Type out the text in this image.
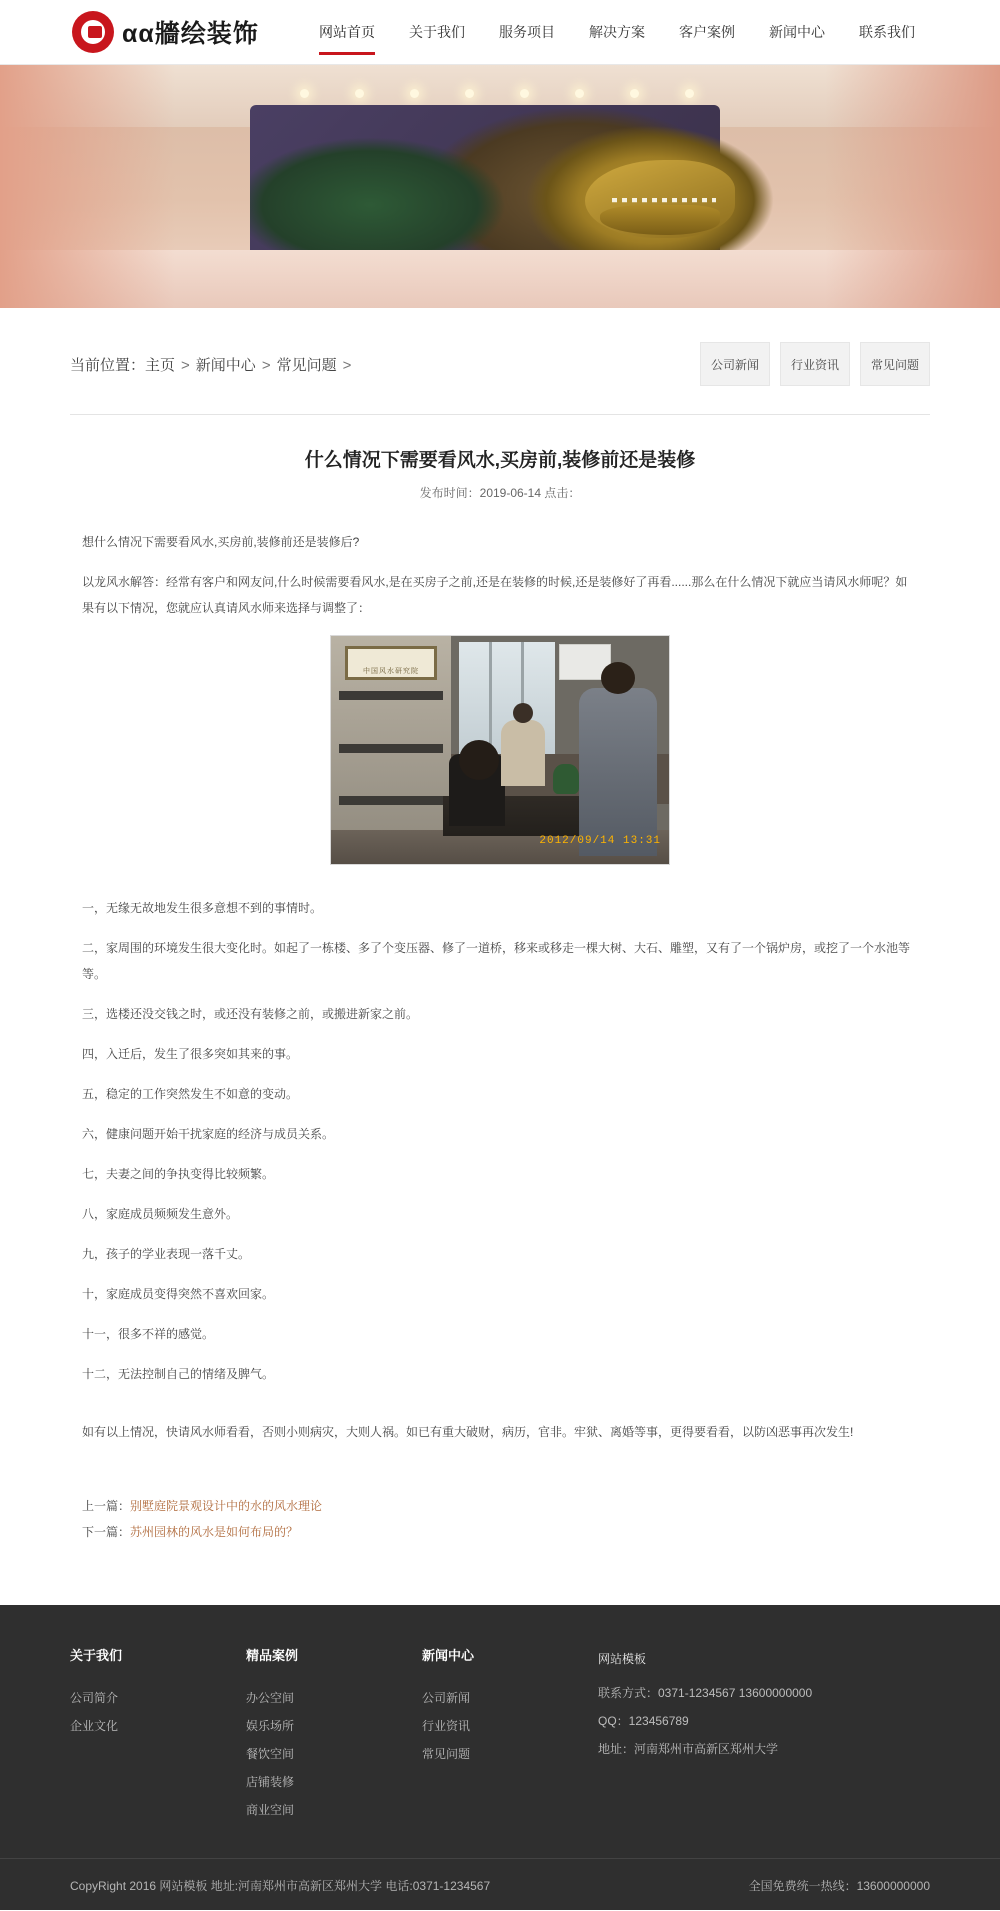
αα牆绘装饰	网站首页	关于我们	服务项目	解决方案	客户案例	新闻中心	联系我们
当前位置：主页 > 新闻中心 > 常见问题 >	公司新闻	行业资讯	常见问题
什么情况下需要看风水,买房前,装修前还是装修
发布时间：2019-06-14 点击：

想什么情况下需要看风水,买房前,装修前还是装修后?

以龙风水解答：经常有客户和网友问,什么时候需要看风水,是在买房子之前,还是在装修的时候,还是装修好了再看......那么在什么情况下就应当请风水师呢？如果有以下情况，您就应认真请风水师来选择与调整了：

中国风水研究院
2012/09/14 13:31

一，无缘无故地发生很多意想不到的事情时。

二，家周围的环境发生很大变化时。如起了一栋楼、多了个变压器、修了一道桥，移来或移走一棵大树、大石、雕塑，又有了一个锅炉房，或挖了一个水池等等。

三，选楼还没交钱之时，或还没有装修之前，或搬进新家之前。

四，入迁后，发生了很多突如其来的事。

五，稳定的工作突然发生不如意的变动。

六，健康问题开始干扰家庭的经济与成员关系。

七，夫妻之间的争执变得比较频繁。

八，家庭成员频频发生意外。

九，孩子的学业表现一落千丈。

十，家庭成员变得突然不喜欢回家。

十一，很多不祥的感觉。

十二，无法控制自己的情绪及脾气。

如有以上情况，快请风水师看看，否则小则病灾，大则人祸。如已有重大破财，病历，官非。牢狱、离婚等事，更得要看看，以防凶恶事再次发生!

上一篇：别墅庭院景观设计中的水的风水理论
下一篇：苏州园林的风水是如何布局的？
关于我们
公司简介
企业文化
精品案例
办公空间
娱乐场所
餐饮空间
店铺装修
商业空间
新闻中心
公司新闻
行业资讯
常见问题
网站模板
联系方式：0371-1234567 13600000000
QQ：123456789
地址：河南郑州市高新区郑州大学
CopyRight 2016 网站模板 地址:河南郑州市高新区郑州大学 电话:0371-1234567	全国免费统一热线：13600000000
